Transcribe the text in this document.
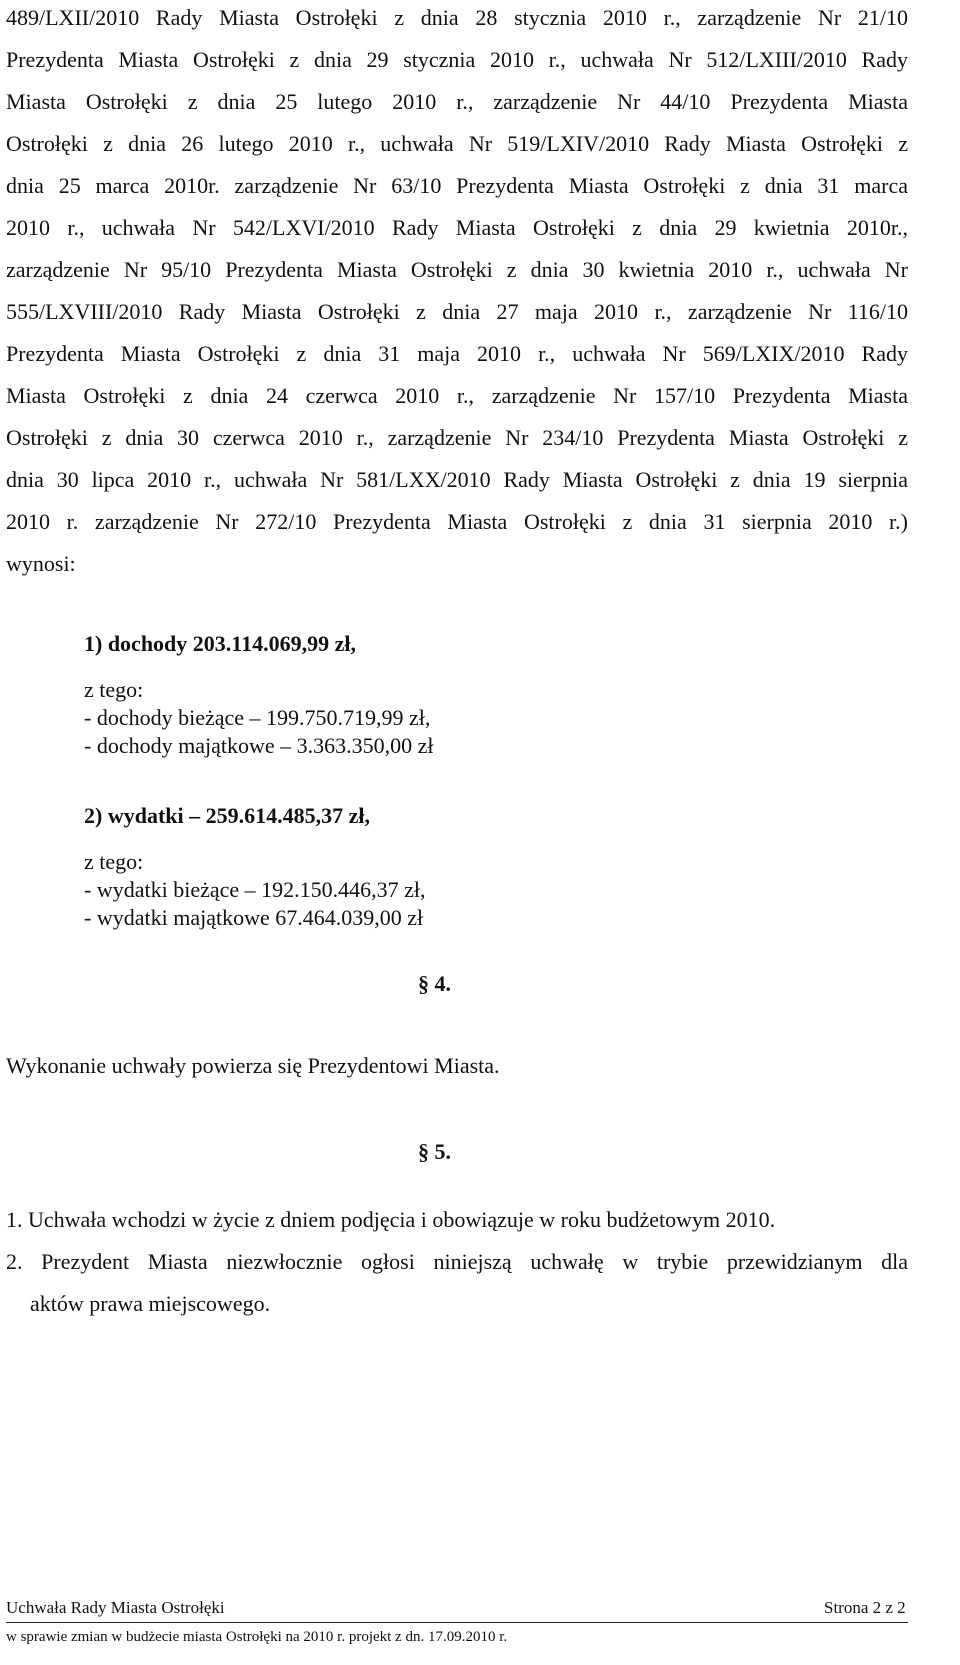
489/LXII/2010 Rady Miasta Ostrołęki z dnia 28 stycznia 2010 r., zarządzenie Nr 21/10
Prezydenta Miasta Ostrołęki z dnia 29 stycznia 2010 r., uchwała Nr 512/LXIII/2010 Rady
Miasta Ostrołęki z dnia 25 lutego 2010 r., zarządzenie Nr 44/10 Prezydenta Miasta
Ostrołęki z dnia 26 lutego 2010 r., uchwała Nr 519/LXIV/2010 Rady Miasta Ostrołęki z
dnia 25 marca 2010r. zarządzenie Nr 63/10 Prezydenta Miasta Ostrołęki z dnia 31 marca
2010 r., uchwała Nr 542/LXVI/2010 Rady Miasta Ostrołęki z dnia 29 kwietnia 2010r.,
zarządzenie Nr 95/10 Prezydenta Miasta Ostrołęki z dnia 30 kwietnia 2010 r., uchwała Nr
555/LXVIII/2010 Rady Miasta Ostrołęki z dnia 27 maja 2010 r., zarządzenie Nr 116/10
Prezydenta Miasta Ostrołęki z dnia 31 maja 2010 r., uchwała Nr 569/LXIX/2010 Rady
Miasta Ostrołęki z dnia 24 czerwca 2010 r., zarządzenie Nr 157/10 Prezydenta Miasta
Ostrołęki z dnia 30 czerwca 2010 r., zarządzenie Nr 234/10 Prezydenta Miasta Ostrołęki z
dnia 30 lipca 2010 r., uchwała Nr 581/LXX/2010 Rady Miasta Ostrołęki z dnia 19 sierpnia
2010 r. zarządzenie Nr 272/10 Prezydenta Miasta Ostrołęki z dnia 31 sierpnia 2010 r.)
wynosi:
1) dochody 203.114.069,99 zł,
z tego:
- dochody bieżące – 199.750.719,99 zł,
- dochody majątkowe – 3.363.350,00 zł
2) wydatki – 259.614.485,37 zł,
z tego:
- wydatki bieżące – 192.150.446,37 zł,
- wydatki majątkowe 67.464.039,00 zł
§ 4.
Wykonanie uchwały powierza się Prezydentowi Miasta.
§ 5.
1. Uchwała wchodzi w życie z dniem podjęcia i obowiązuje w roku budżetowym 2010.
2. Prezydent Miasta niezwłocznie ogłosi niniejszą uchwałę w trybie przewidzianym dla
aktów prawa miejscowego.
Uchwała Rady Miasta Ostrołęki	Strona 2 z 2
w sprawie zmian w budżecie miasta Ostrołęki na 2010 r. projekt z dn. 17.09.2010 r.
